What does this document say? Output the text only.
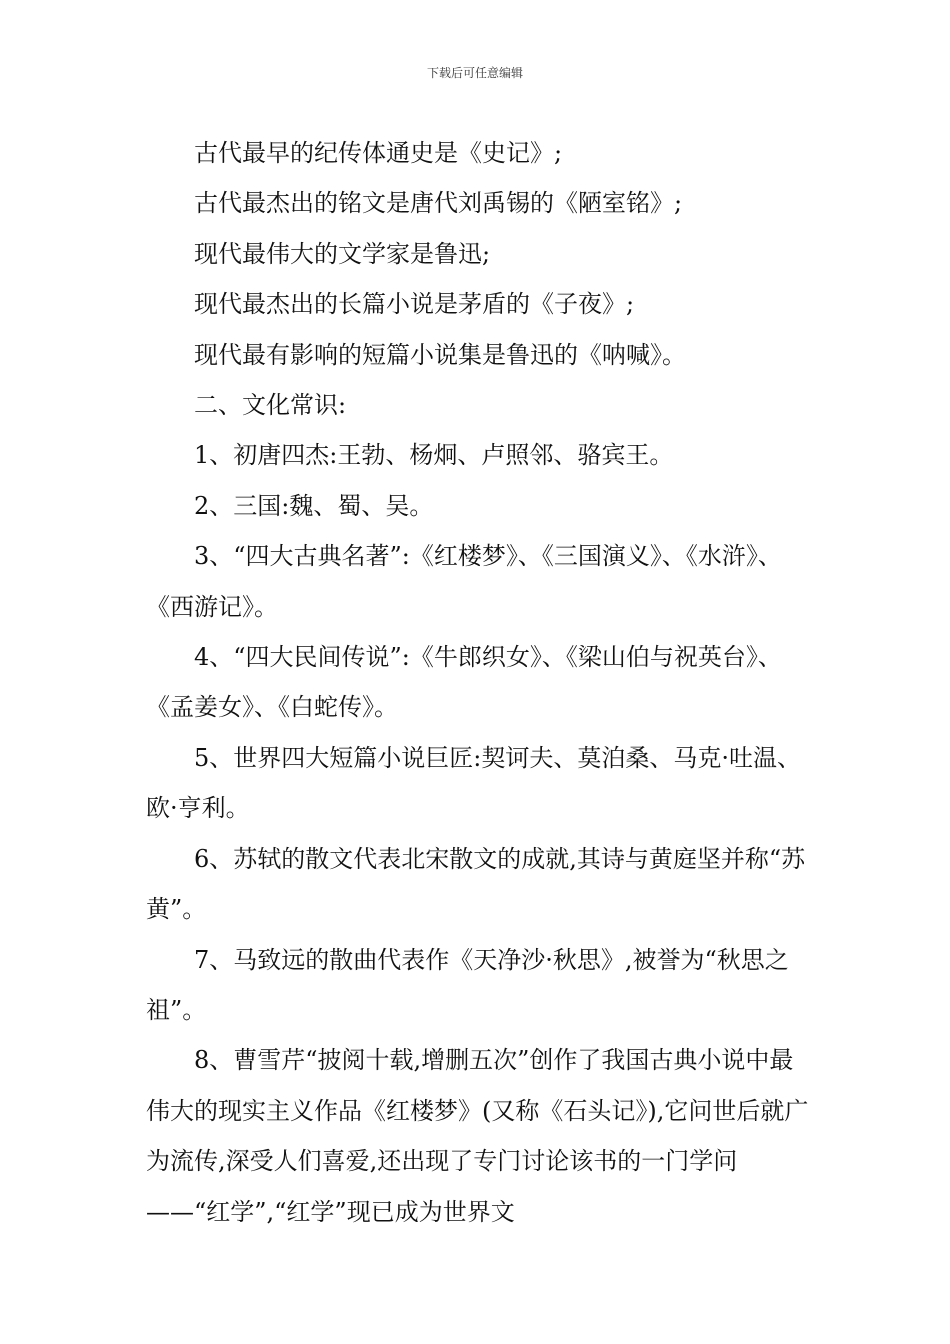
下载后可任意编辑

古代最早的纪传体通史是《史记》;

古代最杰出的铭文是唐代刘禹锡的《陋室铭》;

现代最伟大的文学家是鲁迅;

现代最杰出的长篇小说是茅盾的《子夜》;

现代最有影响的短篇小说集是鲁迅的《呐喊》。

二、文化常识:

1、初唐四杰:王勃、杨炯、卢照邻、骆宾王。

2、三国:魏、蜀、吴。

3、“四大古典名著”:《红楼梦》、《三国演义》、《水浒》、《西游记》。

4、“四大民间传说”:《牛郎织女》、《梁山伯与祝英台》、《孟姜女》、《白蛇传》。

5、世界四大短篇小说巨匠:契诃夫、莫泊桑、马克·吐温、欧·亨利。

6、苏轼的散文代表北宋散文的成就,其诗与黄庭坚并称“苏黄”。

7、马致远的散曲代表作《天净沙·秋思》,被誉为“秋思之祖”。

8、曹雪芹“披阅十载,增删五次”创作了我国古典小说中最伟大的现实主义作品《红楼梦》(又称《石头记》),它问世后就广为流传,深受人们喜爱,还出现了专门讨论该书的一门学问——“红学”,“红学”现已成为世界文
